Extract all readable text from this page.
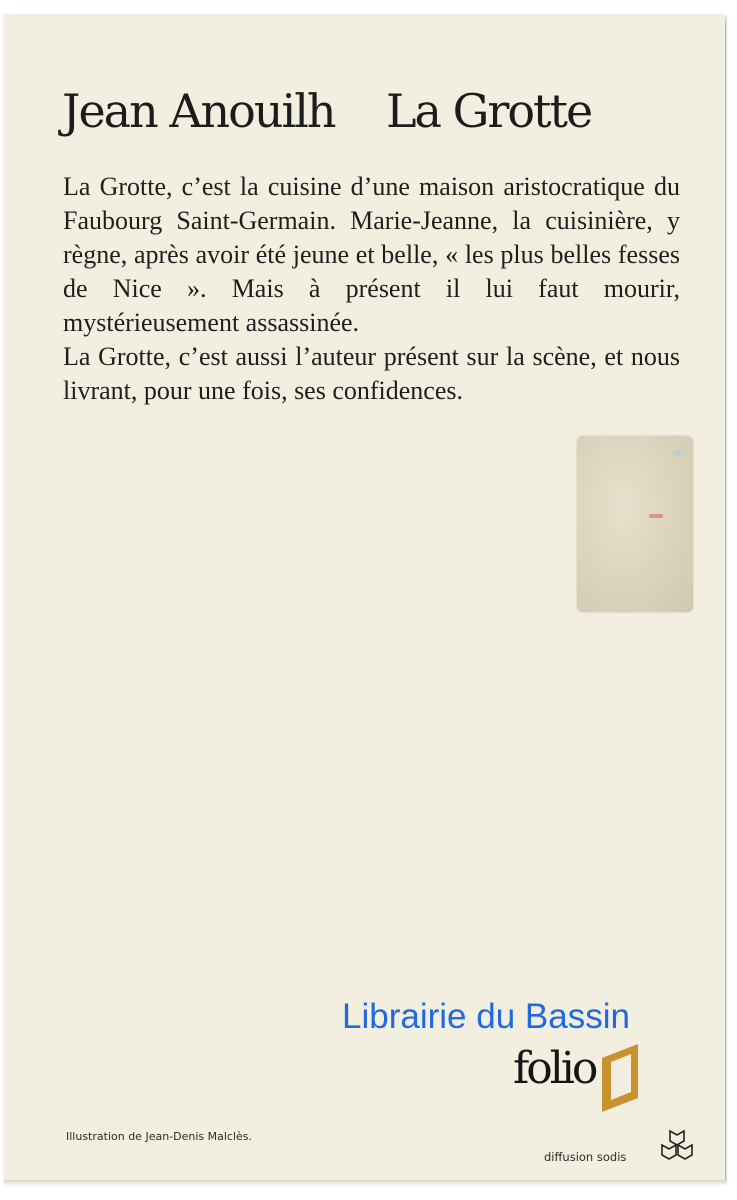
Jean Anouilh La Grotte

La Grotte, c’est la cuisine d’une maison aristocratique du Faubourg Saint-Germain. Marie-Jeanne, la cuisinière, y règne, après avoir été jeune et belle, « les plus belles fesses de Nice ». Mais à présent il lui faut mourir, mystérieusement assassinée.

La Grotte, c’est aussi l’auteur présent sur la scène, et nous livrant, pour une fois, ses confidences.

Librairie du Bassin
folio
Illustration de Jean-Denis Malclès.
diffusion sodis
